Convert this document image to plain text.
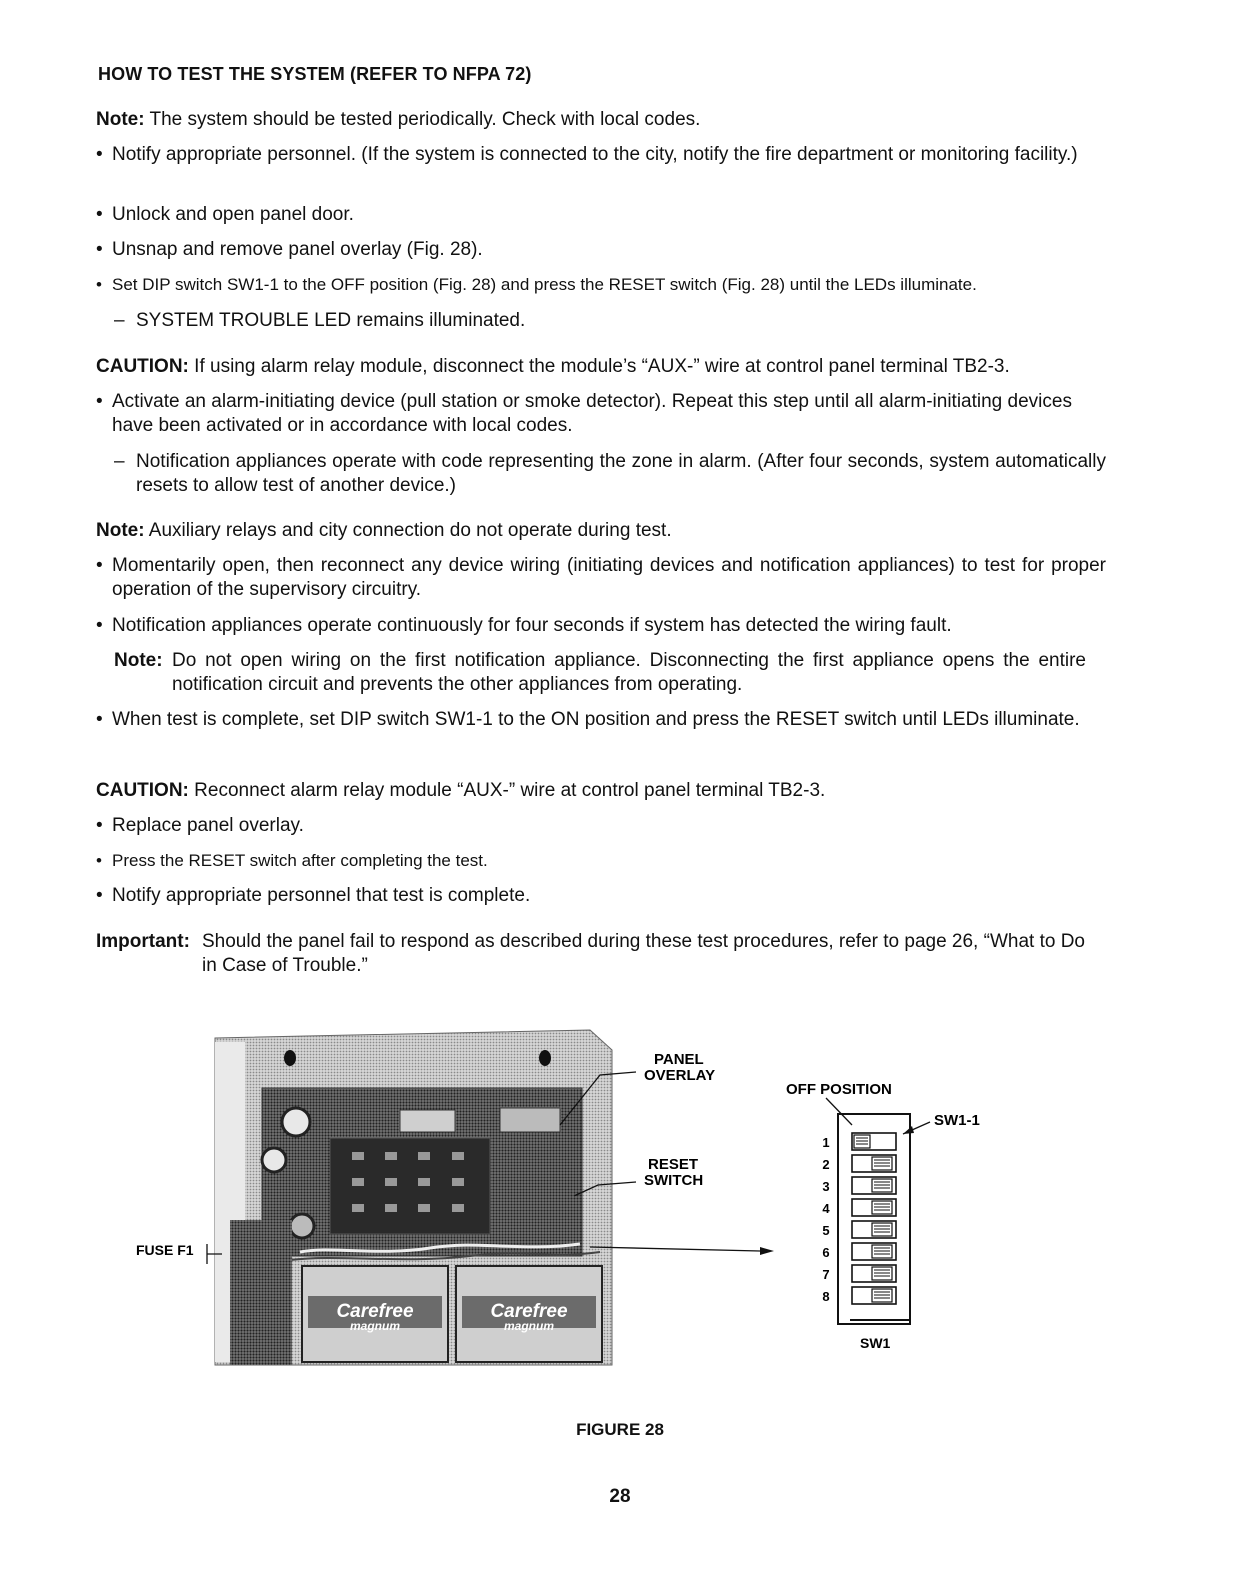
HOW TO TEST THE SYSTEM (REFER TO NFPA 72)
Note: The system should be tested periodically. Check with local codes.
• Notify appropriate personnel. (If the system is connected to the city, notify the fire department or monitoring facility.)
• Unlock and open panel door.
• Unsnap and remove panel overlay (Fig. 28).
• Set DIP switch SW1-1 to the OFF position (Fig. 28) and press the RESET switch (Fig. 28) until the LEDs illuminate.
– SYSTEM TROUBLE LED remains illuminated.
CAUTION: If using alarm relay module, disconnect the module’s “AUX-” wire at control panel terminal TB2-3.
• Activate an alarm-initiating device (pull station or smoke detector). Repeat this step until all alarm-initiating devices have been activated or in accordance with local codes.
– Notification appliances operate with code representing the zone in alarm. (After four seconds, system automatically resets to allow test of another device.)
Note: Auxiliary relays and city connection do not operate during test.
• Momentarily open, then reconnect any device wiring (initiating devices and notification appliances) to test for proper operation of the supervisory circuitry.
• Notification appliances operate continuously for four seconds if system has detected the wiring fault.
Note: Do not open wiring on the first notification appliance. Disconnecting the first appliance opens the entire notification circuit and prevents the other appliances from operating.
• When test is complete, set DIP switch SW1-1 to the ON position and press the RESET switch until LEDs illuminate.
CAUTION: Reconnect alarm relay module “AUX-” wire at control panel terminal TB2-3.
• Replace panel overlay.
• Press the RESET switch after completing the test.
• Notify appropriate personnel that test is complete.
Important: Should the panel fail to respond as described during these test procedures, refer to page 26, “What to Do in Case of Trouble.”
Carefree
magnum
Carefree
magnum
PANEL
OVERLAY
RESET
SWITCH
FUSE F1
OFF POSITION
SW1-1
SW1
1
2
3
4
5
6
7
8
FIGURE 28
28
